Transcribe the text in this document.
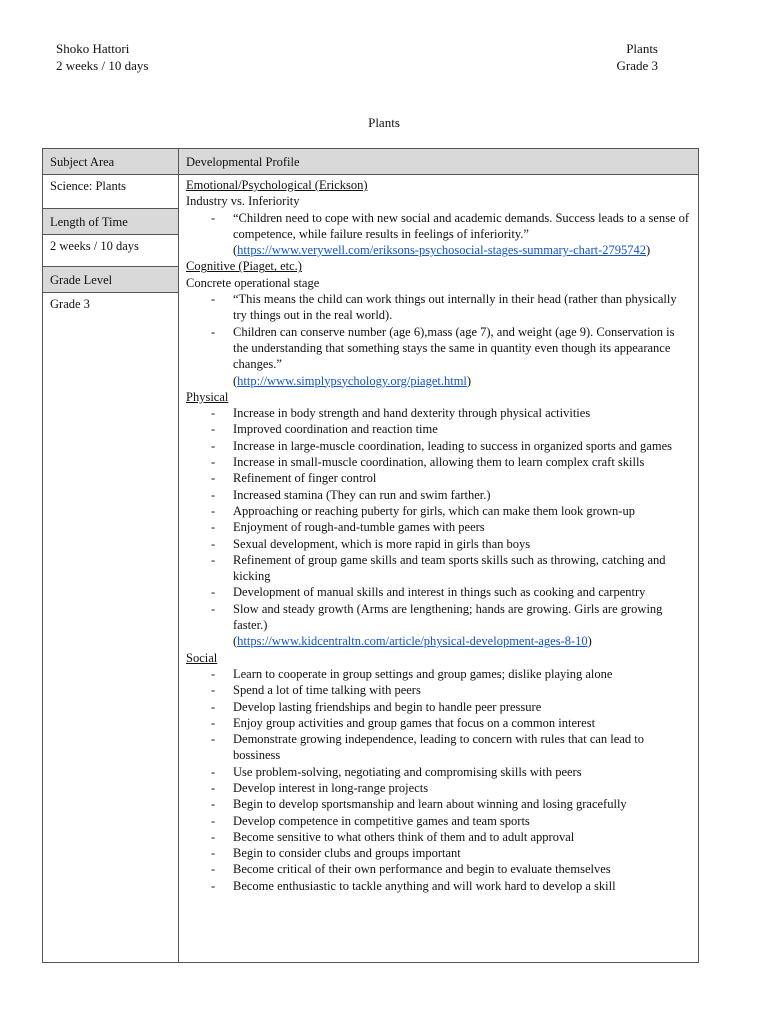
Shoko Hattori
2 weeks / 10 days
Plants
Grade 3
Plants
Subject Area
Science: Plants
Length of Time
2 weeks / 10 days
Grade Level
Grade 3
Developmental Profile
Emotional/Psychological (Erickson)
Industry vs. Inferiority
- “Children need to cope with new social and academic demands. Success leads to a sense of competence, while failure results in feelings of inferiority.”
(https://www.verywell.com/eriksons-psychosocial-stages-summary-chart-2795742)
Cognitive (Piaget, etc.)
Concrete operational stage
- “This means the child can work things out internally in their head (rather than physically try things out in the real world).
- Children can conserve number (age 6),mass (age 7), and weight (age 9). Conservation is the understanding that something stays the same in quantity even though its appearance changes.”
(http://www.simplypsychology.org/piaget.html)
Physical
- Increase in body strength and hand dexterity through physical activities
- Improved coordination and reaction time
- Increase in large-muscle coordination, leading to success in organized sports and games
- Increase in small-muscle coordination, allowing them to learn complex craft skills
- Refinement of finger control
- Increased stamina (They can run and swim farther.)
- Approaching or reaching puberty for girls, which can make them look grown-up
- Enjoyment of rough-and-tumble games with peers
- Sexual development, which is more rapid in girls than boys
- Refinement of group game skills and team sports skills such as throwing, catching and kicking
- Development of manual skills and interest in things such as cooking and carpentry
- Slow and steady growth (Arms are lengthening; hands are growing. Girls are growing faster.)
(https://www.kidcentraltn.com/article/physical-development-ages-8-10)
Social
- Learn to cooperate in group settings and group games; dislike playing alone
- Spend a lot of time talking with peers
- Develop lasting friendships and begin to handle peer pressure
- Enjoy group activities and group games that focus on a common interest
- Demonstrate growing independence, leading to concern with rules that can lead to bossiness
- Use problem-solving, negotiating and compromising skills with peers
- Develop interest in long-range projects
- Begin to develop sportsmanship and learn about winning and losing gracefully
- Develop competence in competitive games and team sports
- Become sensitive to what others think of them and to adult approval
- Begin to consider clubs and groups important
- Become critical of their own performance and begin to evaluate themselves
- Become enthusiastic to tackle anything and will work hard to develop a skill
